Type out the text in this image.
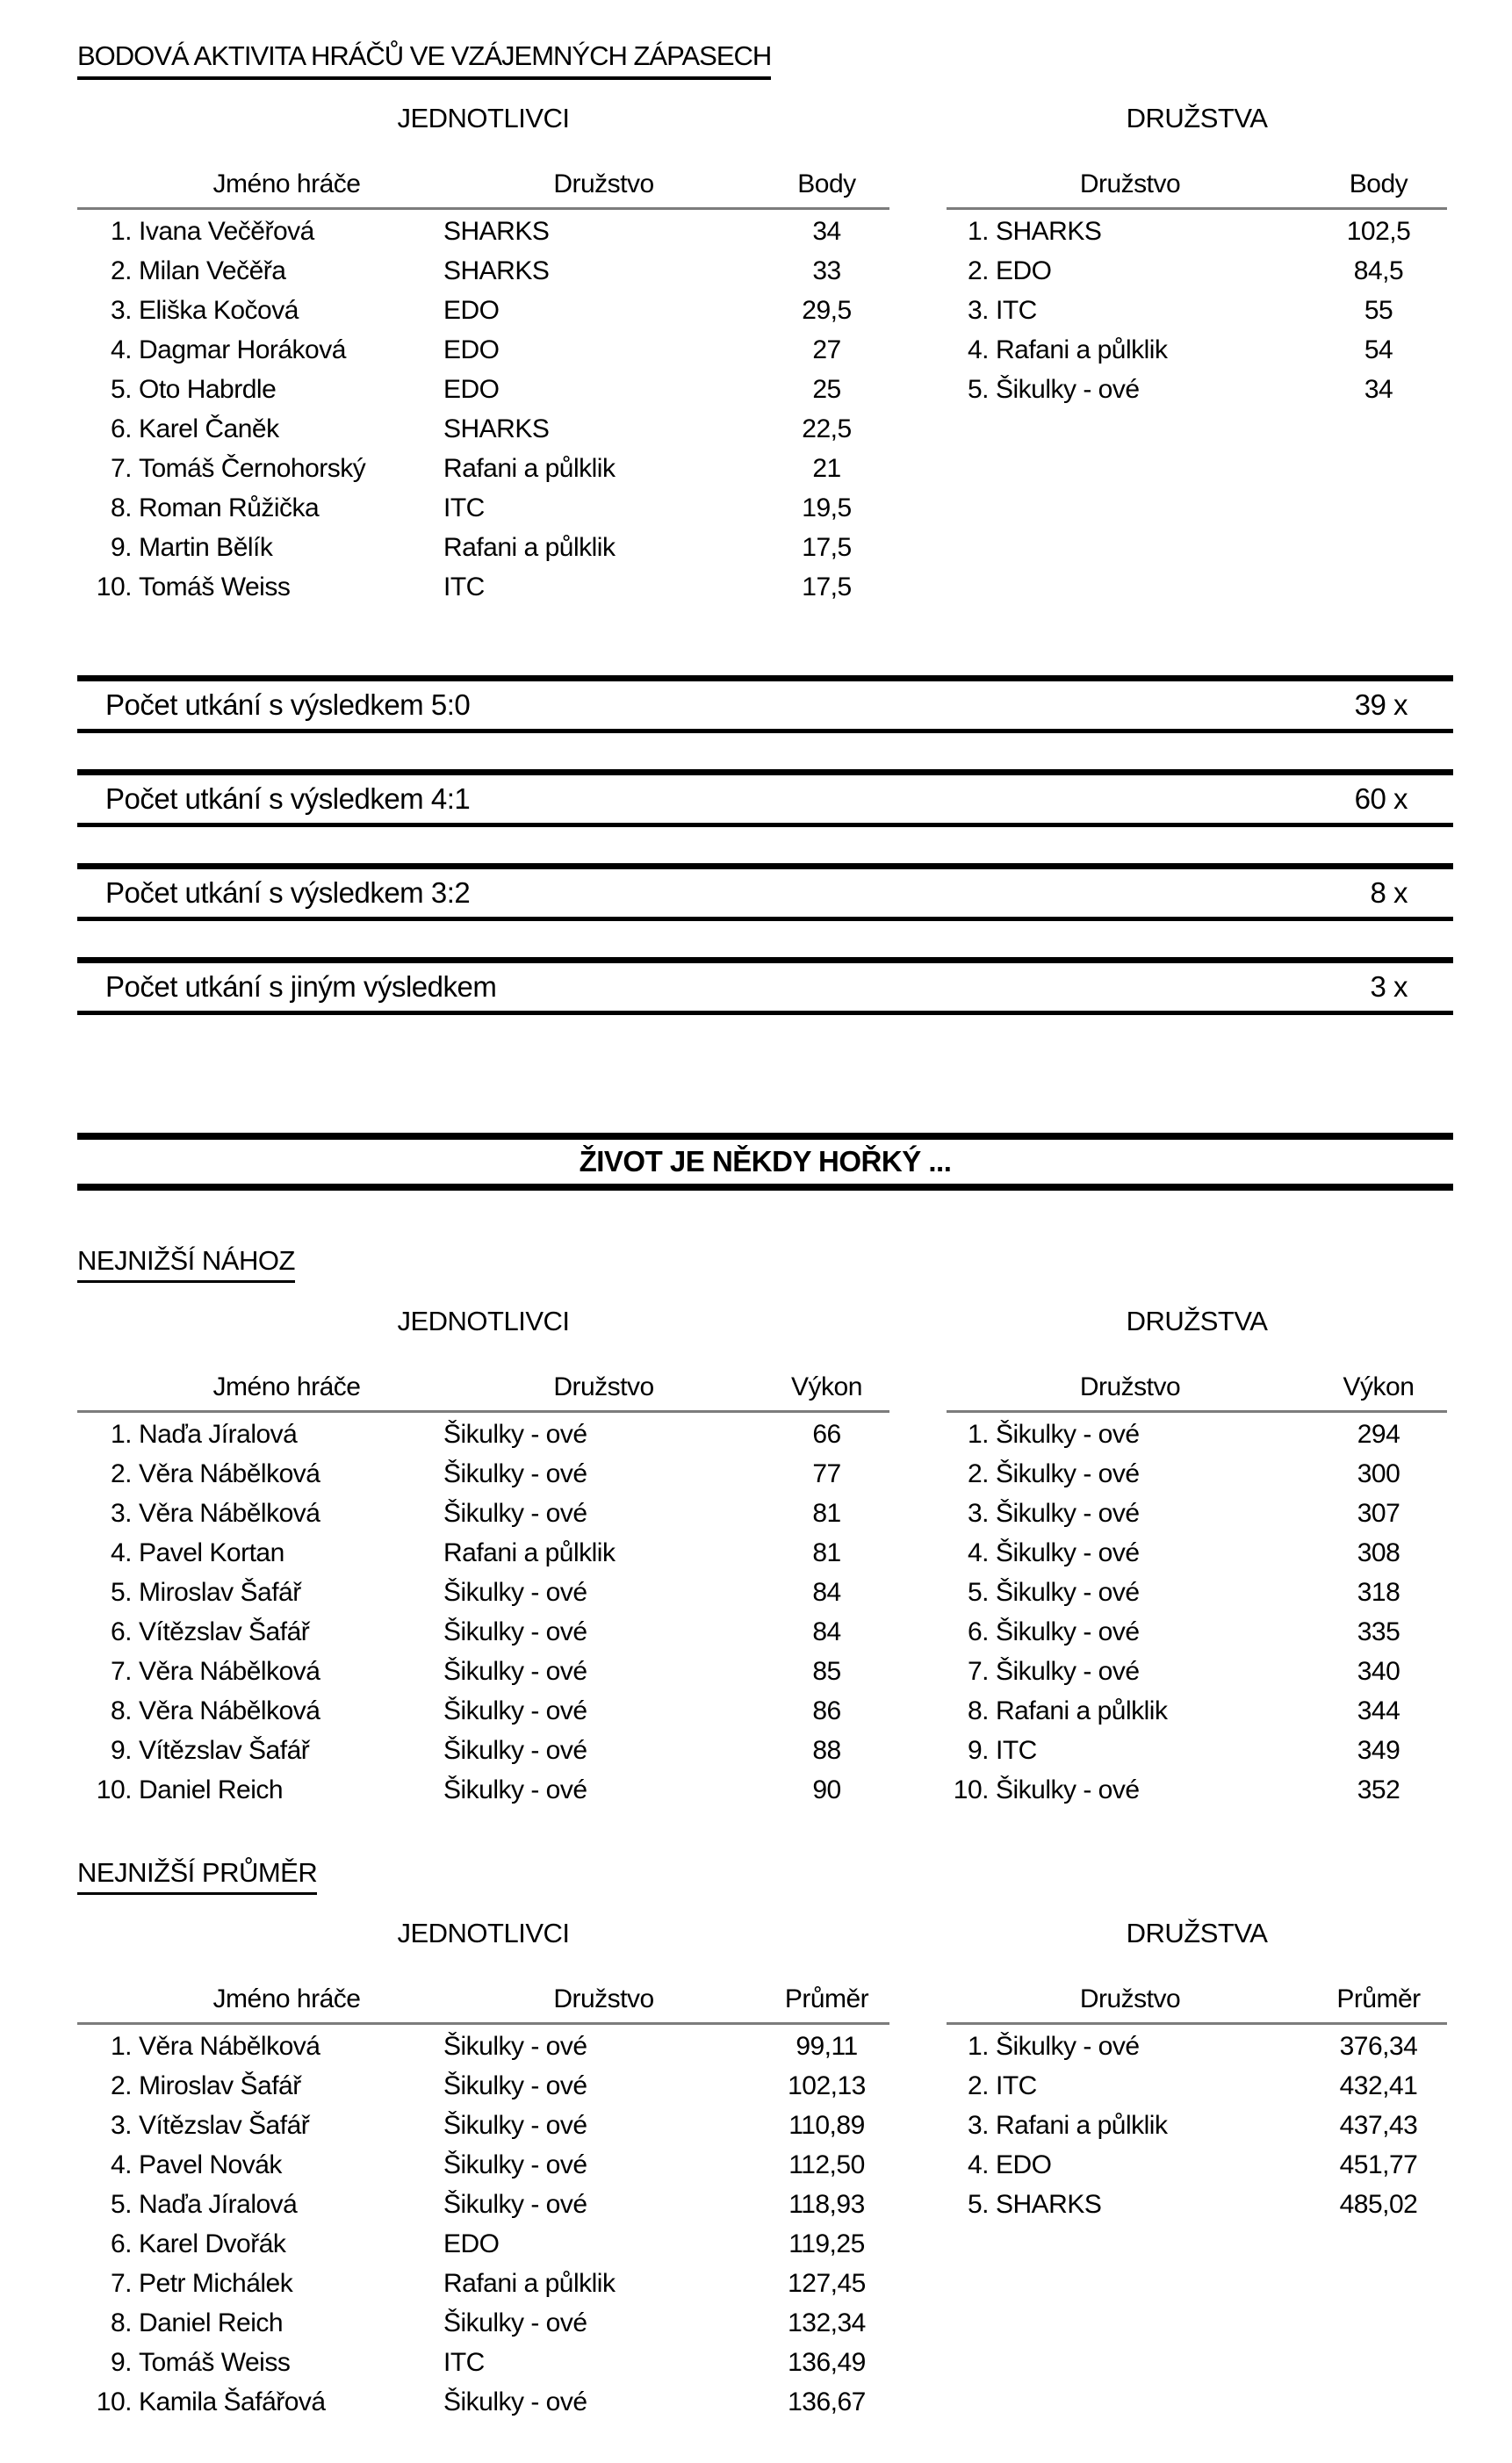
BODOVÁ AKTIVITA HRÁČŮ VE VZÁJEMNÝCH ZÁPASECH
JEDNOTLIVCI
Jméno hráče	Družstvo	Body
1. Ivana Večěřová	SHARKS	34
2. Milan Večěřa	SHARKS	33
3. Eliška Kočová	EDO	29,5
4. Dagmar Horáková	EDO	27
5. Oto Habrdle	EDO	25
6. Karel Čaněk	SHARKS	22,5
7. Tomáš Černohorský	Rafani a půlklik	21
8. Roman Růžička	ITC	19,5
9. Martin Bělík	Rafani a půlklik	17,5
10. Tomáš Weiss	ITC	17,5
DRUŽSTVA
Družstvo	Body
1. SHARKS	102,5
2. EDO	84,5
3. ITC	55
4. Rafani a půlklik	54
5. Šikulky - ové	34
Počet utkání s výsledkem 5:0	39 x
Počet utkání s výsledkem 4:1	60 x
Počet utkání s výsledkem 3:2	8 x
Počet utkání s jiným výsledkem	3 x
ŽIVOT JE NĚKDY HOŘKÝ ...
NEJNIŽŠÍ NÁHOZ
JEDNOTLIVCI
Jméno hráče	Družstvo	Výkon
1. Naďa Jíralová	Šikulky - ové	66
2. Věra Nábělková	Šikulky - ové	77
3. Věra Nábělková	Šikulky - ové	81
4. Pavel Kortan	Rafani a půlklik	81
5. Miroslav Šafář	Šikulky - ové	84
6. Vítězslav Šafář	Šikulky - ové	84
7. Věra Nábělková	Šikulky - ové	85
8. Věra Nábělková	Šikulky - ové	86
9. Vítězslav Šafář	Šikulky - ové	88
10. Daniel Reich	Šikulky - ové	90
DRUŽSTVA
Družstvo	Výkon
1. Šikulky - ové	294
2. Šikulky - ové	300
3. Šikulky - ové	307
4. Šikulky - ové	308
5. Šikulky - ové	318
6. Šikulky - ové	335
7. Šikulky - ové	340
8. Rafani a půlklik	344
9. ITC	349
10. Šikulky - ové	352
NEJNIŽŠÍ PRŮMĚR
JEDNOTLIVCI
Jméno hráče	Družstvo	Průměr
1. Věra Nábělková	Šikulky - ové	99,11
2. Miroslav Šafář	Šikulky - ové	102,13
3. Vítězslav Šafář	Šikulky - ové	110,89
4. Pavel Novák	Šikulky - ové	112,50
5. Naďa Jíralová	Šikulky - ové	118,93
6. Karel Dvořák	EDO	119,25
7. Petr Michálek	Rafani a půlklik	127,45
8. Daniel Reich	Šikulky - ové	132,34
9. Tomáš Weiss	ITC	136,49
10. Kamila Šafářová	Šikulky - ové	136,67
DRUŽSTVA
Družstvo	Průměr
1. Šikulky - ové	376,34
2. ITC	432,41
3. Rafani a půlklik	437,43
4. EDO	451,77
5. SHARKS	485,02
